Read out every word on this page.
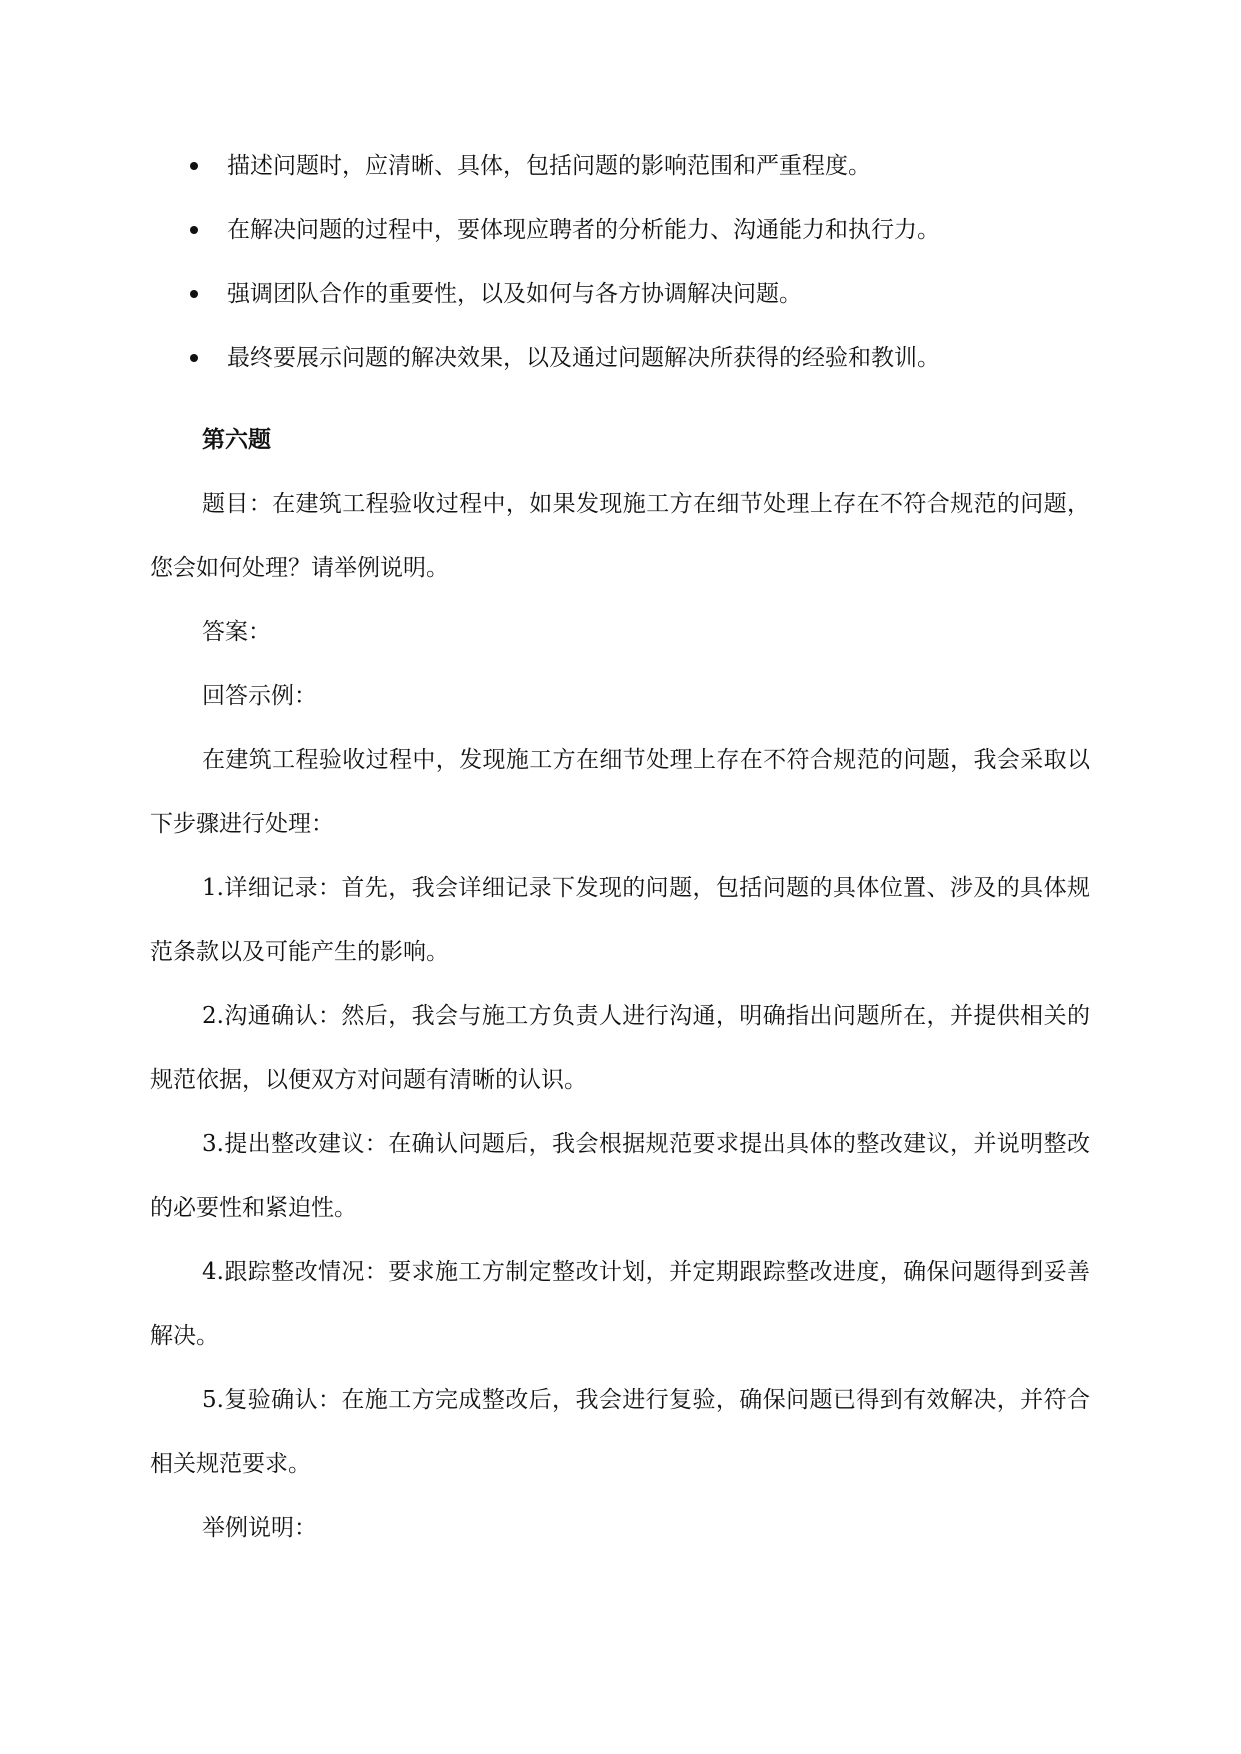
描述问题时，应清晰、具体，包括问题的影响范围和严重程度。
在解决问题的过程中，要体现应聘者的分析能力、沟通能力和执行力。
强调团队合作的重要性，以及如何与各方协调解决问题。
最终要展示问题的解决效果，以及通过问题解决所获得的经验和教训。

第六题

题目：在建筑工程验收过程中，如果发现施工方在细节处理上存在不符合规范的问题，您会如何处理？请举例说明。

答案：

回答示例：

在建筑工程验收过程中，发现施工方在细节处理上存在不符合规范的问题，我会采取以下步骤进行处理：

1.详细记录：首先，我会详细记录下发现的问题，包括问题的具体位置、涉及的具体规范条款以及可能产生的影响。

2.沟通确认：然后，我会与施工方负责人进行沟通，明确指出问题所在，并提供相关的规范依据，以便双方对问题有清晰的认识。

3.提出整改建议：在确认问题后，我会根据规范要求提出具体的整改建议，并说明整改的必要性和紧迫性。

4.跟踪整改情况：要求施工方制定整改计划，并定期跟踪整改进度，确保问题得到妥善解决。

5.复验确认：在施工方完成整改后，我会进行复验，确保问题已得到有效解决，并符合相关规范要求。

举例说明：
